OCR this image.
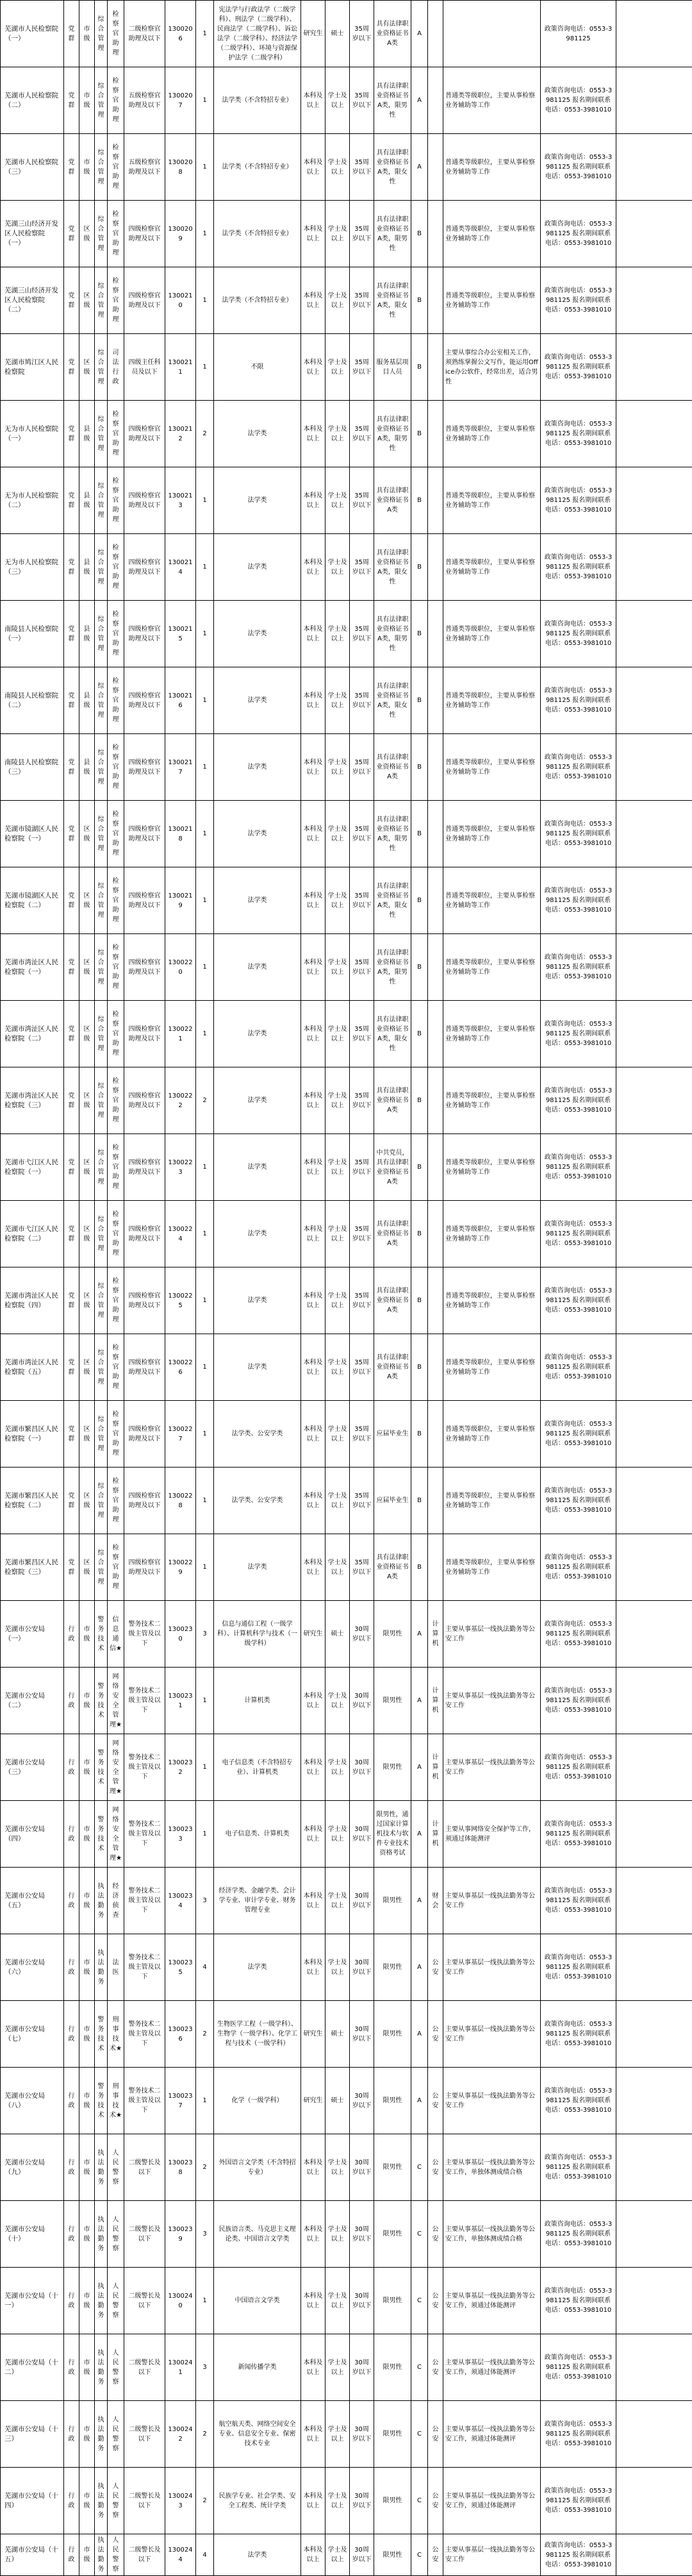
芜湖市人民检察院（一）	党群	市级	综合管理	检察官助理	二级检察官助理及以下	1300206	1	宪法学与行政法学（二级学科）、刑法学（二级学科）、民商法学（二级学科）、诉讼法学（二级学科）、经济法学（二级学科）、环境与资源保护法学（二级学科）	研究生	硕士	35周岁以下	具有法律职业资格证书A类	A			政策咨询电话：0553-3981125	
芜湖市人民检察院（二）	党群	市级	综合管理	检察官助理	五级检察官助理及以下	1300207	1	法学类（不含特招专业）	本科及以上	学士及以上	35周岁以下	具有法律职业资格证书A类，限男性	A		普通类等级职位，主要从事检察业务辅助等工作	政策咨询电话：0553-3981125 报名期间联系电话：0553-3981010	
芜湖市人民检察院（三）	党群	市级	综合管理	检察官助理	五级检察官助理及以下	1300208	1	法学类（不含特招专业）	本科及以上	学士及以上	35周岁以下	具有法律职业资格证书A类，限女性	A		普通类等级职位，主要从事检察业务辅助等工作	政策咨询电话：0553-3981125 报名期间联系电话：0553-3981010	
芜湖三山经济开发区人民检察院（一）	党群	区级	综合管理	检察官助理	四级检察官助理及以下	1300209	1	法学类（不含特招专业）	本科及以上	学士及以上	35周岁以下	具有法律职业资格证书A类，限男性	B		普通类等级职位，主要从事检察业务辅助等工作	政策咨询电话：0553-3981125 报名期间联系电话：0553-3981010	
芜湖三山经济开发区人民检察院（二）	党群	区级	综合管理	检察官助理	四级检察官助理及以下	1300210	1	法学类（不含特招专业）	本科及以上	学士及以上	35周岁以下	具有法律职业资格证书A类，限女性	B		普通类等级职位，主要从事检察业务辅助等工作	政策咨询电话：0553-3981125 报名期间联系电话：0553-3981010	
芜湖市鸠江区人民检察院	党群	区级	综合管理	司法行政	四级主任科员及以下	1300211	1	不限	本科及以上	学士及以上	35周岁以下	服务基层项目人员	B		主要从事综合办公室相关工作，须熟练掌握公文写作，能运用Office办公软件，经常出差，适合男性	政策咨询电话：0553-3981125 报名期间联系电话：0553-3981010	
无为市人民检察院（一）	党群	县级	综合管理	检察官助理	四级检察官助理及以下	1300212	2	法学类	本科及以上	学士及以上	35周岁以下	具有法律职业资格证书A类，限男性	B		普通类等级职位，主要从事检察业务辅助等工作	政策咨询电话：0553-3981125 报名期间联系电话：0553-3981010	
无为市人民检察院（二）	党群	县级	综合管理	检察官助理	四级检察官助理及以下	1300213	1	法学类	本科及以上	学士及以上	35周岁以下	具有法律职业资格证书A类	B		普通类等级职位，主要从事检察业务辅助等工作	政策咨询电话：0553-3981125 报名期间联系电话：0553-3981010	
无为市人民检察院（三）	党群	县级	综合管理	检察官助理	四级检察官助理及以下	1300214	1	法学类	本科及以上	学士及以上	35周岁以下	具有法律职业资格证书A类，限女性	B		普通类等级职位，主要从事检察业务辅助等工作	政策咨询电话：0553-3981125 报名期间联系电话：0553-3981010	
南陵县人民检察院（一）	党群	县级	综合管理	检察官助理	四级检察官助理及以下	1300215	1	法学类	本科及以上	学士及以上	35周岁以下	具有法律职业资格证书A类，限男性	B		普通类等级职位，主要从事检察业务辅助等工作	政策咨询电话：0553-3981125 报名期间联系电话：0553-3981010	
南陵县人民检察院（二）	党群	县级	综合管理	检察官助理	四级检察官助理及以下	1300216	1	法学类	本科及以上	学士及以上	35周岁以下	具有法律职业资格证书A类，限女性	B		普通类等级职位，主要从事检察业务辅助等工作	政策咨询电话：0553-3981125 报名期间联系电话：0553-3981010	
南陵县人民检察院（三）	党群	县级	综合管理	检察官助理	四级检察官助理及以下	1300217	1	法学类	本科及以上	学士及以上	35周岁以下	具有法律职业资格证书A类	B		普通类等级职位，主要从事检察业务辅助等工作	政策咨询电话：0553-3981125 报名期间联系电话：0553-3981010	
芜湖市镜湖区人民检察院（一）	党群	区级	综合管理	检察官助理	四级检察官助理及以下	1300218	1	法学类	本科及以上	学士及以上	35周岁以下	具有法律职业资格证书A类，限男性	B		普通类等级职位，主要从事检察业务辅助等工作	政策咨询电话：0553-3981125 报名期间联系电话：0553-3981010	
芜湖市镜湖区人民检察院（二）	党群	区级	综合管理	检察官助理	四级检察官助理及以下	1300219	1	法学类	本科及以上	学士及以上	35周岁以下	具有法律职业资格证书A类，限女性	B		普通类等级职位，主要从事检察业务辅助等工作	政策咨询电话：0553-3981125 报名期间联系电话：0553-3981010	
芜湖市湾沚区人民检察院（一）	党群	区级	综合管理	检察官助理	四级检察官助理及以下	1300220	1	法学类	本科及以上	学士及以上	35周岁以下	具有法律职业资格证书A类，限男性	B		普通类等级职位，主要从事检察业务辅助等工作	政策咨询电话：0553-3981125 报名期间联系电话：0553-3981010	
芜湖市湾沚区人民检察院（二）	党群	区级	综合管理	检察官助理	四级检察官助理及以下	1300221	1	法学类	本科及以上	学士及以上	35周岁以下	具有法律职业资格证书A类，限女性	B		普通类等级职位，主要从事检察业务辅助等工作	政策咨询电话：0553-3981125 报名期间联系电话：0553-3981010	
芜湖市湾沚区人民检察院（三）	党群	区级	综合管理	检察官助理	四级检察官助理及以下	1300222	2	法学类	本科及以上	学士及以上	35周岁以下	具有法律职业资格证书A类	B		普通类等级职位，主要从事检察业务辅助等工作	政策咨询电话：0553-3981125 报名期间联系电话：0553-3981010	
芜湖市弋江区人民检察院（一）	党群	区级	综合管理	检察官助理	四级检察官助理及以下	1300223	1	法学类	本科及以上	学士及以上	35周岁以下	中共党员，具有法律职业资格证书A类	B		普通类等级职位，主要从事检察业务辅助等工作	政策咨询电话：0553-3981125 报名期间联系电话：0553-3981010	
芜湖市弋江区人民检察院（二）	党群	区级	综合管理	检察官助理	四级检察官助理及以下	1300224	1	法学类	本科及以上	学士及以上	35周岁以下	具有法律职业资格证书A类	B		普通类等级职位，主要从事检察业务辅助等工作	政策咨询电话：0553-3981125 报名期间联系电话：0553-3981010	
芜湖市湾沚区人民检察院（四）	党群	区级	综合管理	检察官助理	四级检察官助理及以下	1300225	1	法学类	本科及以上	学士及以上	35周岁以下	具有法律职业资格证书A类	B		普通类等级职位，主要从事检察业务辅助等工作	政策咨询电话：0553-3981125 报名期间联系电话：0553-3981010	
芜湖市湾沚区人民检察院（五）	党群	区级	综合管理	检察官助理	四级检察官助理及以下	1300226	1	法学类	本科及以上	学士及以上	35周岁以下	具有法律职业资格证书A类	B		普通类等级职位，主要从事检察业务辅助等工作	政策咨询电话：0553-3981125 报名期间联系电话：0553-3981010	
芜湖市繁昌区人民检察院（一）	党群	区级	综合管理	检察官助理	四级检察官助理及以下	1300227	1	法学类、公安学类	本科及以上	学士及以上	35周岁以下	应届毕业生	B		普通类等级职位，主要从事检察业务辅助等工作	政策咨询电话：0553-3981125 报名期间联系电话：0553-3981010	
芜湖市繁昌区人民检察院（二）	党群	区级	综合管理	检察官助理	四级检察官助理及以下	1300228	1	法学类、公安学类	本科及以上	学士及以上	35周岁以下	应届毕业生	B		普通类等级职位，主要从事检察业务辅助等工作	政策咨询电话：0553-3981125 报名期间联系电话：0553-3981010	
芜湖市繁昌区人民检察院（三）	党群	区级	综合管理	检察官助理	四级检察官助理及以下	1300229	1	法学类	本科及以上	学士及以上	35周岁以下	具有法律职业资格证书A类	B		普通类等级职位，主要从事检察业务辅助等工作	政策咨询电话：0553-3981125 报名期间联系电话：0553-3981010	
芜湖市公安局（一）	行政	市级	警务技术	信息通信★	警务技术二级主管及以下	1300230	3	信息与通信工程（一级学科）、计算机科学与技术（一级学科）	研究生	硕士	30周岁以下	限男性	A	计算机	主要从事基层一线执法勤务等公安工作	政策咨询电话：0553-3981125 报名期间联系电话：0553-3981010	
芜湖市公安局（二）	行政	市级	警务技术	网络安全管理★	警务技术二级主管及以下	1300231	1	计算机类	本科及以上	学士及以上	30周岁以下	限男性	A	计算机	主要从事基层一线执法勤务等公安工作	政策咨询电话：0553-3981125 报名期间联系电话：0553-3981010	
芜湖市公安局（三）	行政	市级	警务技术	网络安全管理★	警务技术二级主管及以下	1300232	1	电子信息类（不含特招专业）、计算机类	本科及以上	学士及以上	30周岁以下	限男性	A	计算机	主要从事基层一线执法勤务等公安工作	政策咨询电话：0553-3981125 报名期间联系电话：0553-3981010	
芜湖市公安局（四）	行政	市级	警务技术	网络安全管理★	警务技术二级主管及以下	1300233	1	电子信息类、计算机类	本科及以上	学士及以上	30周岁以下	限男性，通过国家计算机技术与软件专业技术资格考试	A	计算机	主要从事网络安全保护等工作，须通过体能测评	政策咨询电话：0553-3981125 报名期间联系电话：0553-3981010	
芜湖市公安局（五）	行政	市级	执法勤务	经济侦查	警务技术二级主管及以下	1300234	3	经济学类、金融学类、会计学专业、审计学专业、财务管理专业	本科及以上	学士及以上	30周岁以下	限男性	A	财会	主要从事基层一线执法勤务等公安工作	政策咨询电话：0553-3981125 报名期间联系电话：0553-3981010	
芜湖市公安局（六）	行政	市级	执法勤务	法医	警务技术二级主管及以下	1300235	4	法学类	本科及以上	学士及以上	30周岁以下	限男性	A	公安	主要从事基层一线执法勤务等公安工作	政策咨询电话：0553-3981125 报名期间联系电话：0553-3981010	
芜湖市公安局（七）	行政	市级	警务技术	刑事技术★	警务技术二级主管及以下	1300236	2	生物医学工程（一级学科）、生物学（一级学科）、化学工程与技术（一级学科）	研究生	硕士	30周岁以下	限男性	A	公安	主要从事基层一线执法勤务等公安工作	政策咨询电话：0553-3981125 报名期间联系电话：0553-3981010	
芜湖市公安局（八）	行政	市级	警务技术	刑事技术★	警务技术二级主管及以下	1300237	1	化学（一级学科）	研究生	硕士	30周岁以下	限男性	A	公安	主要从事基层一线执法勤务等公安工作	政策咨询电话：0553-3981125 报名期间联系电话：0553-3981010	
芜湖市公安局（九）	行政	市级	执法勤务	人民警察	二级警长及以下	1300238	2	外国语言文学类（不含特招专业）	本科及以上	学士及以上	30周岁以下	限男性	C	公安	主要从事基层一线执法勤务等公安工作，单独体测成绩合格	政策咨询电话：0553-3981125 报名期间联系电话：0553-3981010	
芜湖市公安局（十）	行政	市级	执法勤务	人民警察	二级警长及以下	1300239	3	民族语言类、马克思主义理论类、中国语言文学类	本科及以上	学士及以上	30周岁以下	限男性	C	公安	主要从事基层一线执法勤务等公安工作，单独体测成绩合格	政策咨询电话：0553-3981125 报名期间联系电话：0553-3981010	
芜湖市公安局（十一）	行政	市级	执法勤务	人民警察	二级警长及以下	1300240	1	中国语言文学类	本科及以上	学士及以上	30周岁以下	限男性	C	公安	主要从事基层一线执法勤务等公安工作，须通过体能测评	政策咨询电话：0553-3981125 报名期间联系电话：0553-3981010	
芜湖市公安局（十二）	行政	市级	执法勤务	人民警察	二级警长及以下	1300241	3	新闻传播学类	本科及以上	学士及以上	30周岁以下	限男性	C	公安	主要从事基层一线执法勤务等公安工作，须通过体能测评	政策咨询电话：0553-3981125 报名期间联系电话：0553-3981010	
芜湖市公安局（十三）	行政	市级	执法勤务	人民警察	二级警长及以下	1300242	2	航空航天类、网络空间安全专业、信息安全专业、保密技术专业	本科及以上	学士及以上	30周岁以下	限男性	C	公安	主要从事基层一线执法勤务等公安工作，须通过体能测评	政策咨询电话：0553-3981125 报名期间联系电话：0553-3981010	
芜湖市公安局（十四）	行政	市级	执法勤务	人民警察	二级警长及以下	1300243	2	民族学专业、社会学类、安全工程类、统计学类	本科及以上	学士及以上	30周岁以下	限男性	C	公安	主要从事基层一线执法勤务等公安工作，须通过体能测评	政策咨询电话：0553-3981125 报名期间联系电话：0553-3981010	
芜湖市公安局（十五）	行政	市级	执法勤务	人民警察	二级警长及以下	1300244	4	法学类	本科及以上	学士及以上	30周岁以下	限男性	C	公安	主要从事基层一线执法勤务等公安工作	政策咨询电话：0553-3981125 报名期间联系电话：0553-3981010	
